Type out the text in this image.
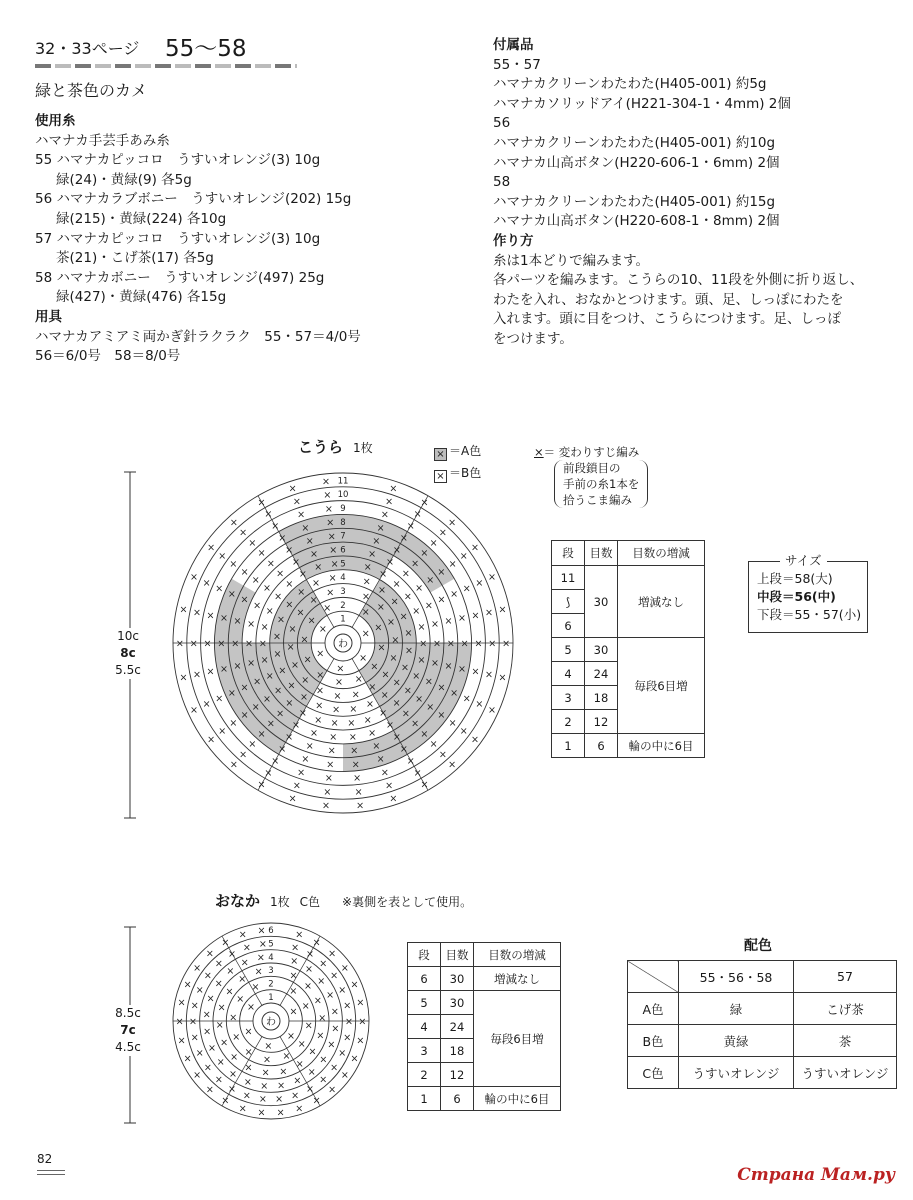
32・33ページ 55〜58
緑と茶色のカメ
使用糸
ハマナカ手芸手あみ糸
55 ハマナカピッコロ　うすいオレンジ(3) 10g
緑(24)・黄緑(9) 各5g
56 ハマナカラブボニー　うすいオレンジ(202) 15g
緑(215)・黄緑(224) 各10g
57 ハマナカピッコロ　うすいオレンジ(3) 10g
茶(21)・こげ茶(17) 各5g
58 ハマナカボニー　うすいオレンジ(497) 25g
緑(427)・黄緑(476) 各15g
用具
ハマナカアミアミ両かぎ針ラクラク　55・57＝4/0号
56＝6/0号　58＝8/0号
付属品
55・57
ハマナカクリーンわたわた(H405-001) 約5g
ハマナカソリッドアイ(H221-304-1・4mm) 2個
56
ハマナカクリーンわたわた(H405-001) 約10g
ハマナカ山高ボタン(H220-606-1・6mm) 2個
58
ハマナカクリーンわたわた(H405-001) 約15g
ハマナカ山高ボタン(H220-608-1・8mm) 2個
作り方
糸は1本どりで編みます。
各パーツを編みます。こうらの10、11段を外側に折り返し、
わたを入れ、おなかとつけます。頭、足、しっぽにわたを
入れます。頭に目をつけ、こうらにつけます。足、しっぽ
をつけます。
こうら 1枚	× ＝A色
× ＝B色
×＝ 変わりすじ編み
前段鎖目の
手前の糸1本を
拾うこま編み
10c
8c
5.5c
×
×
×
×
×
1
×
×
×
×
×
×
×
×
×
×
× 2
×
×
×
×
×
×
×
×
×
×
×
×
×
×
×
×
× 3
×
×
×
×
×
×
×
×
×
×
×
×
×
×
×
×
×
×
×
×
×
× × 4
×
×
×
×
×
×
×
×
×
×
×
×
×
×
×
×
×
×
×
×
×
×
×
×
×
×
×
× × 5
×
×
×
×
×
×
×
×
×
×
×
×
×
×
×
×
×
×
×
×
×
×
×
×
×
×
×
× × 6
×
×
×
×
×
×
×
×
×
×
×
×
×
×
×
×
×
×
×
×
×
×
×
×
×
×
×
× × 7
×
×
×
×
×
×
×
×
×
×
×
×
×
×
×
×
×
×
×
×
×
×
×
×
×
×
×
× × 8
×
×
×
×
×
×
×
×
×
×
×
×
×
×
×
×
×
×
×
×
×
×
×
×
×
×
×
×
× 9
×
×
×
×
×
×
×
×
×
×
×
×
×
×
×
×
×
×
×
×
×
×
×
×
×
×
×
×
× 10
×
×
×
×
×
×
×
×
×
×
×
×
×
×
×
×
×
×
×
×
×
×
×
×
×
×
×
×
× 11
わ
段	目数	目数の増減
11	30	増減なし
⟆		
6		
5	30	毎段6目増
4	24	
3	18	
2	12	
1	6	輪の中に6目
上段＝58(大)
中段＝56(中)
下段＝55・57(小)
サイズ
おなか 1枚 C色 ※裏側を表として使用。
8.5c
7c
4.5c
×
×
×
×
×
1
×
×
×
×
×
×
×
×
×
×
× 2
×
×
×
×
×
×
×
×
×
×
×
×
×
×
×
×
× 3
×
×
×
×
×
×
×
×
×
×
×
×
×
×
×
×
×
×
×
×
×
× × 4
×
×
×
×
×
×
×
×
×
×
×
×
×
×
×
×
×
×
×
×
×
×
×
×
×
×
×
× × 5
×
×
×
×
×
×
×
×
×
×
×
×
×
×
×
×
×
×
×
×
×
×
×
×
×
×
×
× × 6
わ
段	目数	目数の増減
6	30	増減なし
5	30	毎段6目増
4	24	
3	18	
2	12	
1	6	輪の中に6目
配色
	55・56・58	57
A色	緑	こげ茶
B色	黄緑	茶
C色	うすいオレンジ	うすいオレンジ
82
Страна Мам.ру
